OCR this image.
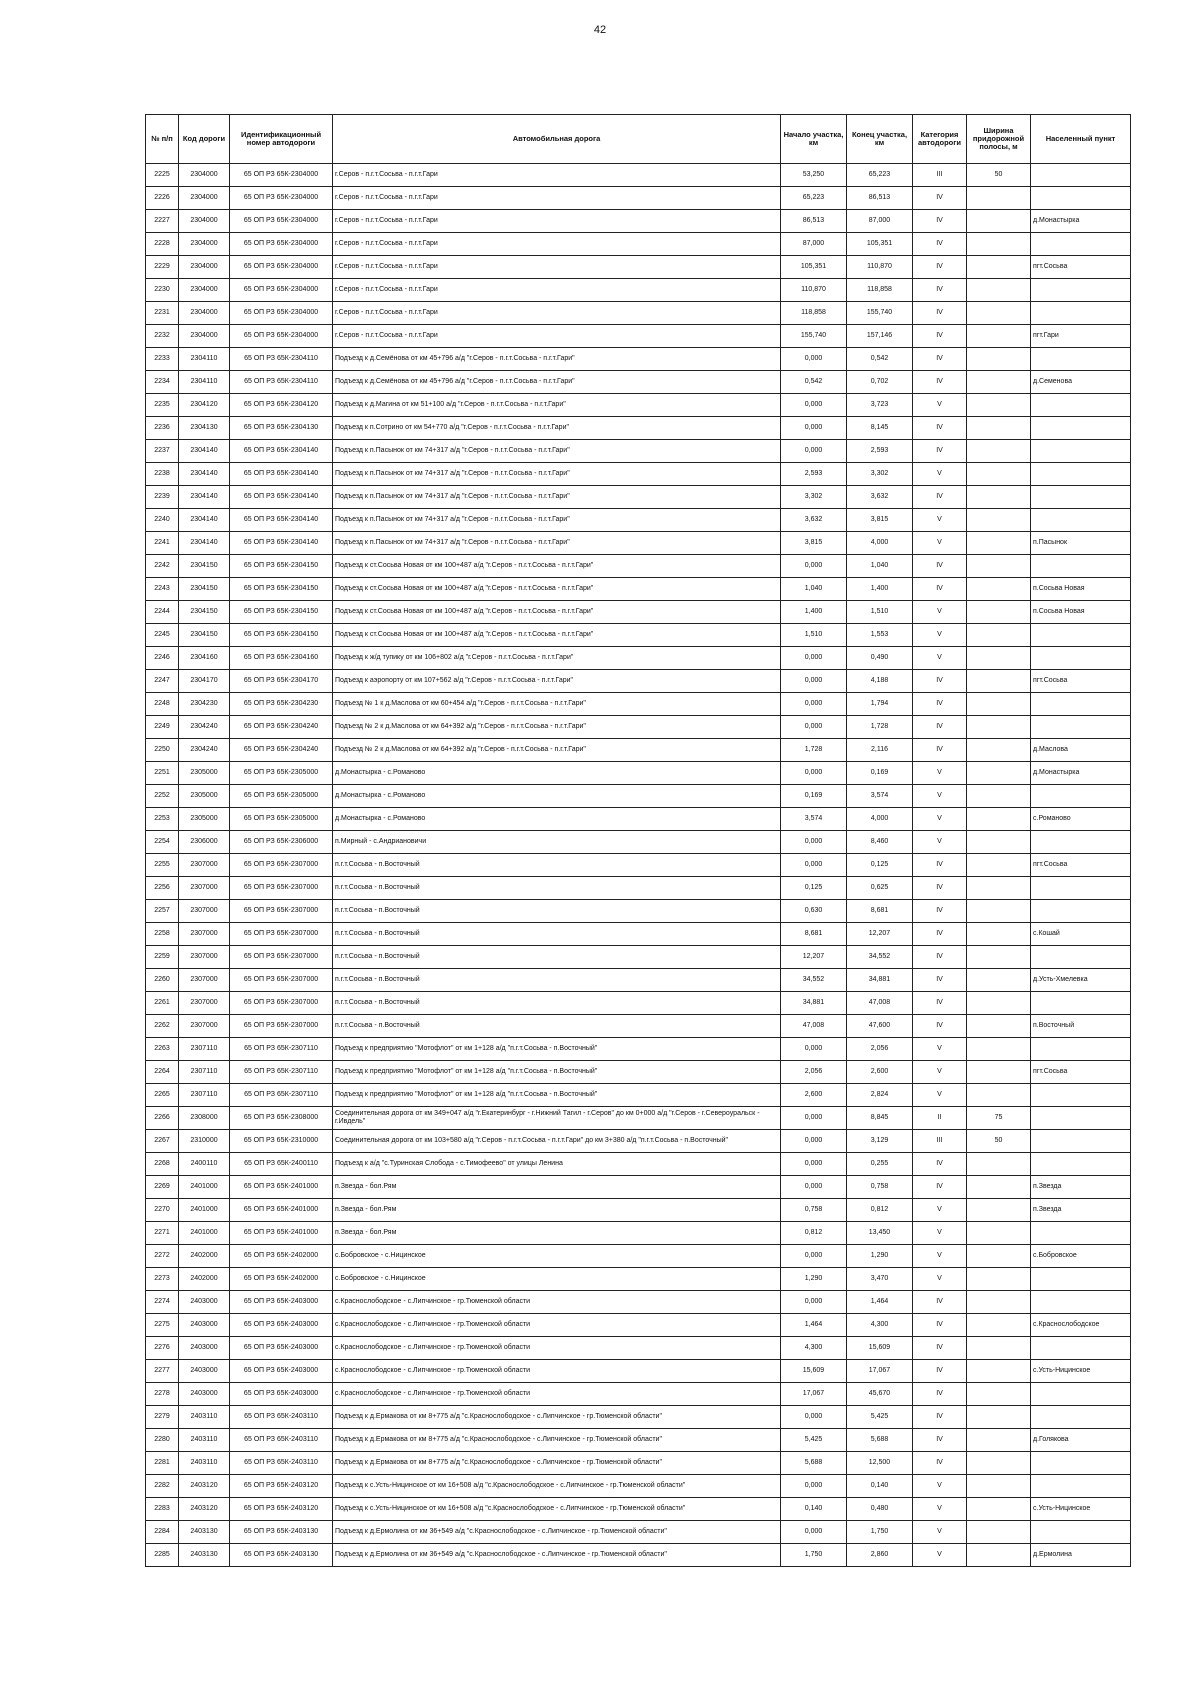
42
№ п/п	Код дороги	Идентификационный номер автодороги	Автомобильная дорога	Начало участка, км	Конец участка, км	Категория автодороги	Ширина придорожной полосы, м	Населенный пункт
2225	2304000	65 ОП РЗ 65К-2304000	г.Серов - п.г.т.Сосьва - п.г.т.Гари	53,250	65,223	III	50	
2226	2304000	65 ОП РЗ 65К-2304000	г.Серов - п.г.т.Сосьва - п.г.т.Гари	65,223	86,513	IV		
2227	2304000	65 ОП РЗ 65К-2304000	г.Серов - п.г.т.Сосьва - п.г.т.Гари	86,513	87,000	IV		д.Монастырка
2228	2304000	65 ОП РЗ 65К-2304000	г.Серов - п.г.т.Сосьва - п.г.т.Гари	87,000	105,351	IV		
2229	2304000	65 ОП РЗ 65К-2304000	г.Серов - п.г.т.Сосьва - п.г.т.Гари	105,351	110,870	IV		пгт.Сосьва
2230	2304000	65 ОП РЗ 65К-2304000	г.Серов - п.г.т.Сосьва - п.г.т.Гари	110,870	118,858	IV		
2231	2304000	65 ОП РЗ 65К-2304000	г.Серов - п.г.т.Сосьва - п.г.т.Гари	118,858	155,740	IV		
2232	2304000	65 ОП РЗ 65К-2304000	г.Серов - п.г.т.Сосьва - п.г.т.Гари	155,740	157,146	IV		пгт.Гари
2233	2304110	65 ОП РЗ 65К-2304110	Подъезд к д.Семёнова от км 45+796 а/д "г.Серов - п.г.т.Сосьва - п.г.т.Гари"	0,000	0,542	IV		
2234	2304110	65 ОП РЗ 65К-2304110	Подъезд к д.Семёнова от км 45+796 а/д "г.Серов - п.г.т.Сосьва - п.г.т.Гари"	0,542	0,702	IV		д.Семенова
2235	2304120	65 ОП РЗ 65К-2304120	Подъезд к д.Магина от км 51+100 а/д "г.Серов - п.г.т.Сосьва - п.г.т.Гари"	0,000	3,723	V		
2236	2304130	65 ОП РЗ 65К-2304130	Подъезд к п.Сотрино от км 54+770 а/д "г.Серов - п.г.т.Сосьва - п.г.т.Гари"	0,000	8,145	IV		
2237	2304140	65 ОП РЗ 65К-2304140	Подъезд к п.Пасынок от км 74+317 а/д "г.Серов - п.г.т.Сосьва - п.г.т.Гари"	0,000	2,593	IV		
2238	2304140	65 ОП РЗ 65К-2304140	Подъезд к п.Пасынок от км 74+317 а/д "г.Серов - п.г.т.Сосьва - п.г.т.Гари"	2,593	3,302	V		
2239	2304140	65 ОП РЗ 65К-2304140	Подъезд к п.Пасынок от км 74+317 а/д "г.Серов - п.г.т.Сосьва - п.г.т.Гари"	3,302	3,632	IV		
2240	2304140	65 ОП РЗ 65К-2304140	Подъезд к п.Пасынок от км 74+317 а/д "г.Серов - п.г.т.Сосьва - п.г.т.Гари"	3,632	3,815	V		
2241	2304140	65 ОП РЗ 65К-2304140	Подъезд к п.Пасынок от км 74+317 а/д "г.Серов - п.г.т.Сосьва - п.г.т.Гари"	3,815	4,000	V		п.Пасынок
2242	2304150	65 ОП РЗ 65К-2304150	Подъезд к ст.Сосьва Новая от км 100+487 а/д "г.Серов - п.г.т.Сосьва - п.г.т.Гари"	0,000	1,040	IV		
2243	2304150	65 ОП РЗ 65К-2304150	Подъезд к ст.Сосьва Новая от км 100+487 а/д "г.Серов - п.г.т.Сосьва - п.г.т.Гари"	1,040	1,400	IV		п.Сосьва Новая
2244	2304150	65 ОП РЗ 65К-2304150	Подъезд к ст.Сосьва Новая от км 100+487 а/д "г.Серов - п.г.т.Сосьва - п.г.т.Гари"	1,400	1,510	V		п.Сосьва Новая
2245	2304150	65 ОП РЗ 65К-2304150	Подъезд к ст.Сосьва Новая от км 100+487 а/д "г.Серов - п.г.т.Сосьва - п.г.т.Гари"	1,510	1,553	V		
2246	2304160	65 ОП РЗ 65К-2304160	Подъезд к ж/д тупику от км 106+802 а/д "г.Серов - п.г.т.Сосьва - п.г.т.Гари"	0,000	0,490	V		
2247	2304170	65 ОП РЗ 65К-2304170	Подъезд к аэропорту от км 107+562 а/д "г.Серов - п.г.т.Сосьва - п.г.т.Гари"	0,000	4,188	IV		пгт.Сосьва
2248	2304230	65 ОП РЗ 65К-2304230	Подъезд № 1 к д.Маслова от км 60+454 а/д "г.Серов - п.г.т.Сосьва - п.г.т.Гари"	0,000	1,794	IV		
2249	2304240	65 ОП РЗ 65К-2304240	Подъезд № 2 к д.Маслова от км 64+392 а/д "г.Серов - п.г.т.Сосьва - п.г.т.Гари"	0,000	1,728	IV		
2250	2304240	65 ОП РЗ 65К-2304240	Подъезд № 2 к д.Маслова от км 64+392 а/д "г.Серов - п.г.т.Сосьва - п.г.т.Гари"	1,728	2,116	IV		д.Маслова
2251	2305000	65 ОП РЗ 65К-2305000	д.Монастырка - с.Романово	0,000	0,169	V		д.Монастырка
2252	2305000	65 ОП РЗ 65К-2305000	д.Монастырка - с.Романово	0,169	3,574	V		
2253	2305000	65 ОП РЗ 65К-2305000	д.Монастырка - с.Романово	3,574	4,000	V		с.Романово
2254	2306000	65 ОП РЗ 65К-2306000	п.Мирный - с.Андриановичи	0,000	8,460	V		
2255	2307000	65 ОП РЗ 65К-2307000	п.г.т.Сосьва - п.Восточный	0,000	0,125	IV		пгт.Сосьва
2256	2307000	65 ОП РЗ 65К-2307000	п.г.т.Сосьва - п.Восточный	0,125	0,625	IV		
2257	2307000	65 ОП РЗ 65К-2307000	п.г.т.Сосьва - п.Восточный	0,630	8,681	IV		
2258	2307000	65 ОП РЗ 65К-2307000	п.г.т.Сосьва - п.Восточный	8,681	12,207	IV		с.Кошай
2259	2307000	65 ОП РЗ 65К-2307000	п.г.т.Сосьва - п.Восточный	12,207	34,552	IV		
2260	2307000	65 ОП РЗ 65К-2307000	п.г.т.Сосьва - п.Восточный	34,552	34,881	IV		д.Усть-Хмелевка
2261	2307000	65 ОП РЗ 65К-2307000	п.г.т.Сосьва - п.Восточный	34,881	47,008	IV		
2262	2307000	65 ОП РЗ 65К-2307000	п.г.т.Сосьва - п.Восточный	47,008	47,600	IV		п.Восточный
2263	2307110	65 ОП РЗ 65К-2307110	Подъезд к предприятию "Мотофлот" от км 1+128 а/д "п.г.т.Сосьва - п.Восточный"	0,000	2,056	V		
2264	2307110	65 ОП РЗ 65К-2307110	Подъезд к предприятию "Мотофлот" от км 1+128 а/д "п.г.т.Сосьва - п.Восточный"	2,056	2,600	V		пгт.Сосьва
2265	2307110	65 ОП РЗ 65К-2307110	Подъезд к предприятию "Мотофлот" от км 1+128 а/д "п.г.т.Сосьва - п.Восточный"	2,600	2,824	V		
2266	2308000	65 ОП РЗ 65К-2308000	Соединительная дорога от км 349+047 а/д "г.Екатеринбург - г.Нижний Тагил - г.Серов" до км 0+000 а/д "г.Серов - г.Североуральск - г.Ивдель"	0,000	8,845	II	75	
2267	2310000	65 ОП РЗ 65К-2310000	Соединительная дорога от км 103+580 а/д "г.Серов - п.г.т.Сосьва - п.г.т.Гари" до км 3+380 а/д "п.г.т.Сосьва - п.Восточный"	0,000	3,129	III	50	
2268	2400110	65 ОП РЗ 65К-2400110	Подъезд к а/д "с.Туринская Слобода - с.Тимофеево" от улицы Ленина	0,000	0,255	IV		
2269	2401000	65 ОП РЗ 65К-2401000	п.Звезда - бол.Рям	0,000	0,758	IV		п.Звезда
2270	2401000	65 ОП РЗ 65К-2401000	п.Звезда - бол.Рям	0,758	0,812	V		п.Звезда
2271	2401000	65 ОП РЗ 65К-2401000	п.Звезда - бол.Рям	0,812	13,450	V		
2272	2402000	65 ОП РЗ 65К-2402000	с.Бобровское - с.Ницинское	0,000	1,290	V		с.Бобровское
2273	2402000	65 ОП РЗ 65К-2402000	с.Бобровское - с.Ницинское	1,290	3,470	V		
2274	2403000	65 ОП РЗ 65К-2403000	с.Краснослободское - с.Липчинское - гр.Тюменской области	0,000	1,464	IV		
2275	2403000	65 ОП РЗ 65К-2403000	с.Краснослободское - с.Липчинское - гр.Тюменской области	1,464	4,300	IV		с.Краснослободское
2276	2403000	65 ОП РЗ 65К-2403000	с.Краснослободское - с.Липчинское - гр.Тюменской области	4,300	15,609	IV		
2277	2403000	65 ОП РЗ 65К-2403000	с.Краснослободское - с.Липчинское - гр.Тюменской области	15,609	17,067	IV		с.Усть-Ницинское
2278	2403000	65 ОП РЗ 65К-2403000	с.Краснослободское - с.Липчинское - гр.Тюменской области	17,067	45,670	IV		
2279	2403110	65 ОП РЗ 65К-2403110	Подъезд к д.Ермакова от км 8+775 а/д "с.Краснослободское - с.Липчинское - гр.Тюменской области"	0,000	5,425	IV		
2280	2403110	65 ОП РЗ 65К-2403110	Подъезд к д.Ермакова от км 8+775 а/д "с.Краснослободское - с.Липчинское - гр.Тюменской области"	5,425	5,688	IV		д.Голякова
2281	2403110	65 ОП РЗ 65К-2403110	Подъезд к д.Ермакова от км 8+775 а/д "с.Краснослободское - с.Липчинское - гр.Тюменской области"	5,688	12,500	IV		
2282	2403120	65 ОП РЗ 65К-2403120	Подъезд к с.Усть-Ницинское от км 16+508 а/д "с.Краснослободское - с.Липчинское - гр.Тюменской области"	0,000	0,140	V		
2283	2403120	65 ОП РЗ 65К-2403120	Подъезд к с.Усть-Ницинское от км 16+508 а/д "с.Краснослободское - с.Липчинское - гр.Тюменской области"	0,140	0,480	V		с.Усть-Ницинское
2284	2403130	65 ОП РЗ 65К-2403130	Подъезд к д.Ермолина от км 36+549 а/д "с.Краснослободское - с.Липчинское - гр.Тюменской области"	0,000	1,750	V		
2285	2403130	65 ОП РЗ 65К-2403130	Подъезд к д.Ермолина от км 36+549 а/д "с.Краснослободское - с.Липчинское - гр.Тюменской области"	1,750	2,860	V		д.Ермолина
